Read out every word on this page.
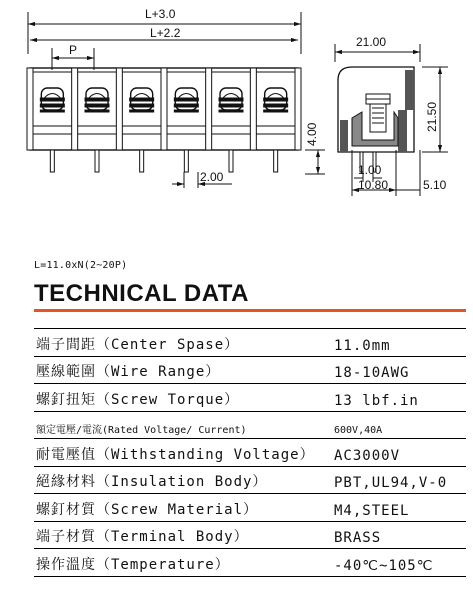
L+3.0
L+2.2
P
2.00
4.00
21.00
21.50
1.00
10.80	5.10
L=11.0xN(2~20P)
TECHNICAL DATA
端子間距（Center Spase）	11.0mm
壓線範圍（Wire Range）	18-10AWG
螺釘扭矩（Screw Torque）	13 lbf.in
額定電壓/電流(Rated Voltage/ Current)	600V,40A
耐電壓值（Withstanding Voltage） AC3000V
絕緣材料（Insulation Body）	PBT,UL94,V-0
螺釘材質（Screw Material）	M4,STEEL
端子材質（Terminal Body）	BRASS
操作溫度（Temperature）	-40℃~105℃
